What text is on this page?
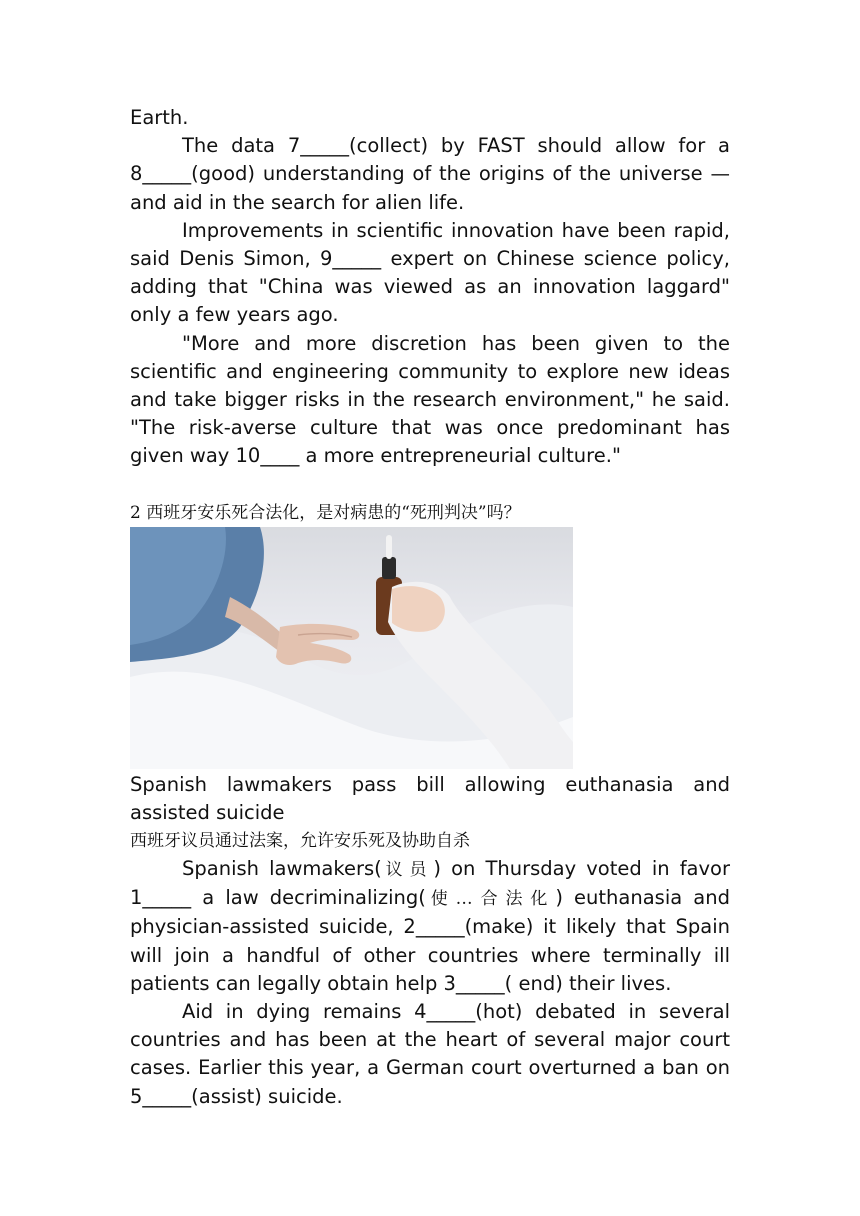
Earth.

The data 7_____(collect) by FAST should allow for a 8_____(good) understanding of the origins of the universe — and aid in the search for alien life.

Improvements in scientific innovation have been rapid, said Denis Simon, 9_____ expert on Chinese science policy, adding that "China was viewed as an innovation laggard" only a few years ago.

"More and more discretion has been given to the scientific and engineering community to explore new ideas and take bigger risks in the research environment," he said. "The risk-averse culture that was once predominant has given way 10____ a more entrepreneurial culture."

2 西班牙安乐死合法化，是对病患的“死刑判决”吗？

Spanish lawmakers pass bill allowing euthanasia and assisted suicide

西班牙议员通过法案，允许安乐死及协助自杀

Spanish lawmakers(议员) on Thursday voted in favor 1_____ a law decriminalizing(使…合法化) euthanasia and physician-assisted suicide, 2_____(make) it likely that Spain will join a handful of other countries where terminally ill patients can legally obtain help 3_____( end) their lives.

Aid in dying remains 4_____(hot) debated in several countries and has been at the heart of several major court cases. Earlier this year, a German court overturned a ban on 5_____(assist) suicide.
